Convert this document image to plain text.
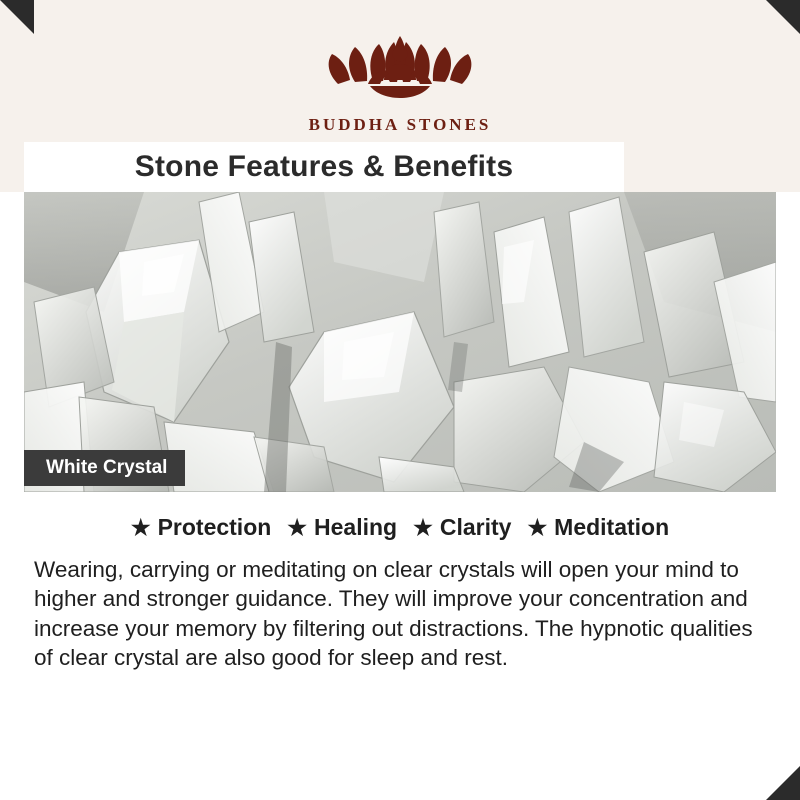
BUDDHA STONES
Stone Features & Benefits
White Crystal
★ Protection ★ Healing ★ Clarity ★ Meditation

Wearing, carrying or meditating on clear crystals will open your mind to higher and stronger guidance. They will improve your concentration and increase your memory by filtering out distractions. The hypnotic qualities of clear crystal are also good for sleep and rest.
